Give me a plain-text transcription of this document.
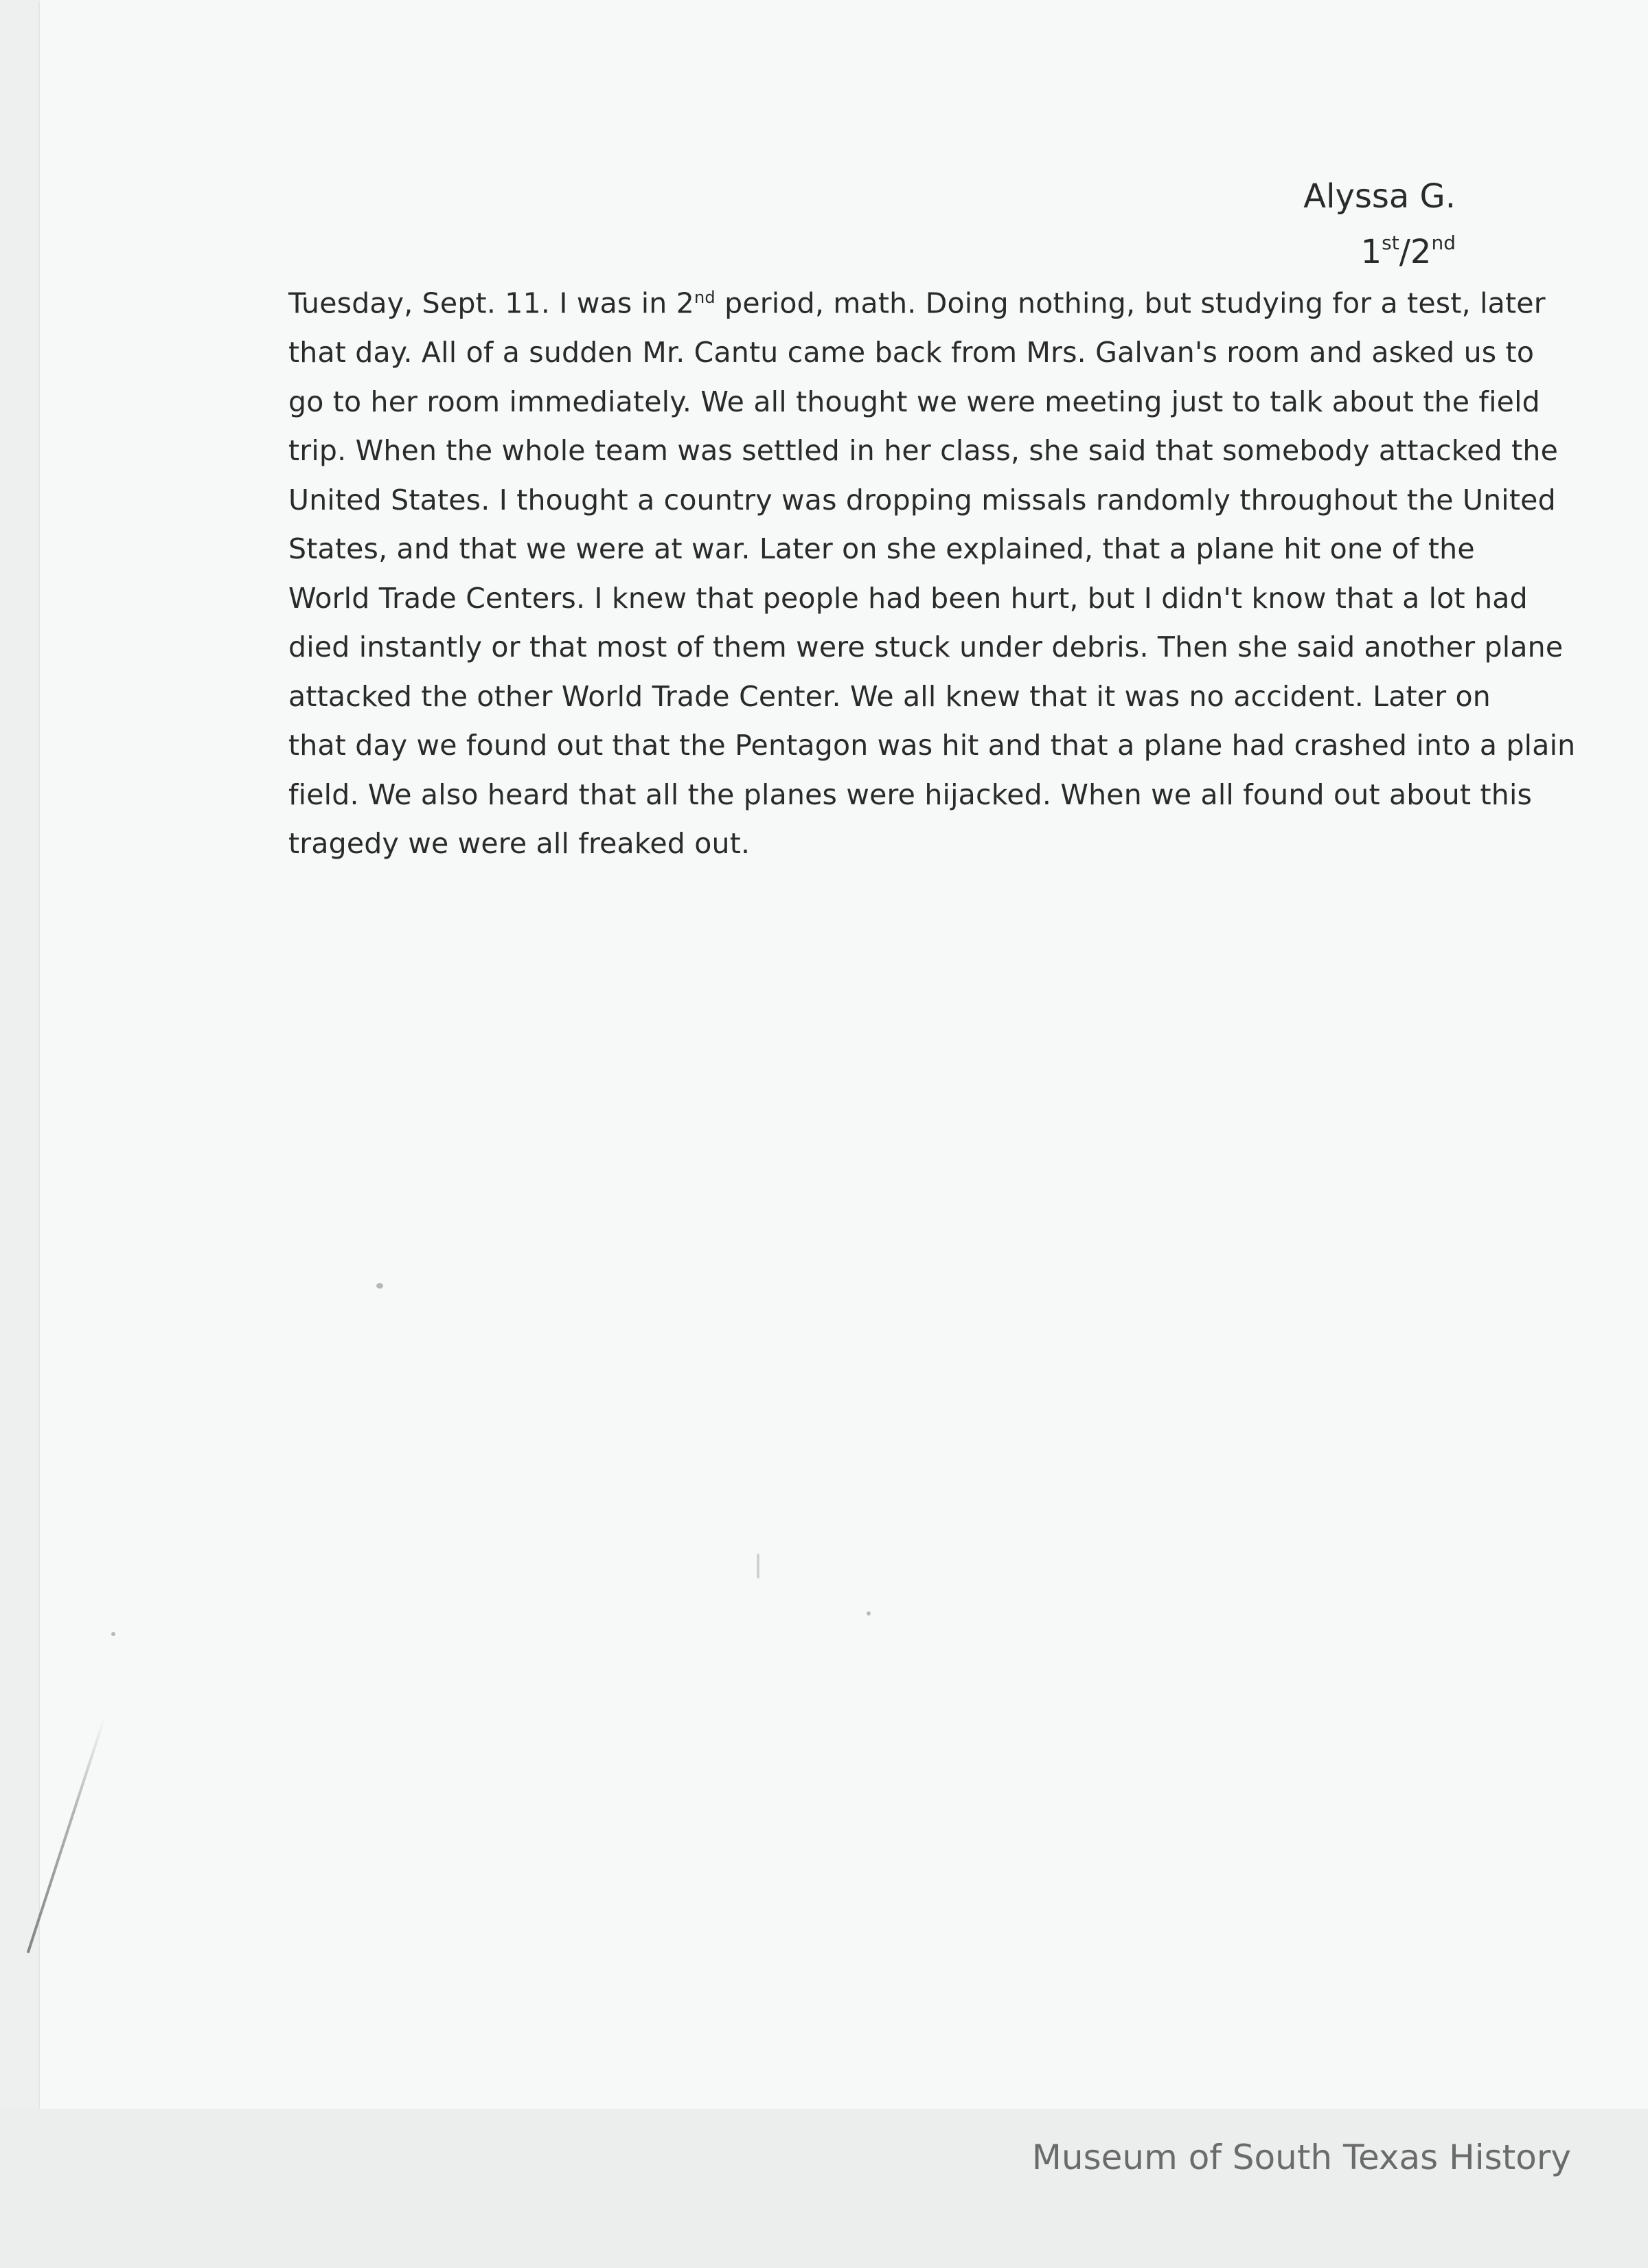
Alyssa G.
1st/2nd
Tuesday, Sept. 11. I was in 2nd period, math. Doing nothing, but studying for a test, later
that day. All of a sudden Mr. Cantu came back from Mrs. Galvan's room and asked us to
go to her room immediately. We all thought we were meeting just to talk about the field
trip. When the whole team was settled in her class, she said that somebody attacked the
United States. I thought a country was dropping missals randomly throughout the United
States, and that we were at war. Later on she explained, that a plane hit one of the
World Trade Centers. I knew that people had been hurt, but I didn't know that a lot had
died instantly or that most of them were stuck under debris. Then she said another plane
attacked the other World Trade Center. We all knew that it was no accident. Later on
that day we found out that the Pentagon was hit and that a plane had crashed into a plain
field. We also heard that all the planes were hijacked. When we all found out about this
tragedy we were all freaked out.
Museum of South Texas History
